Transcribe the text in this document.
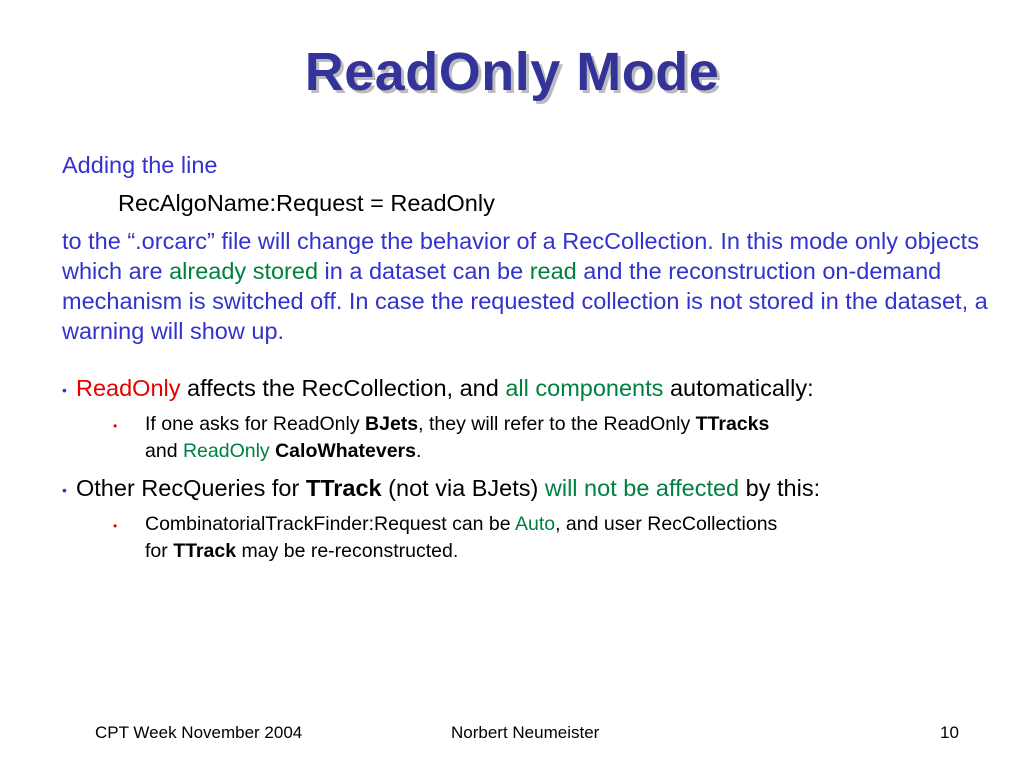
ReadOnly Mode
Adding the line
RecAlgoName:Request = ReadOnly
to the “.orcarc” file will change the behavior of a RecCollection. In this mode only objects which are already stored in a dataset can be read and the reconstruction on-demand mechanism is switched off. In case the requested collection is not stored in the dataset, a warning will show up.
• ReadOnly affects the RecCollection, and all components automatically:
• If one asks for ReadOnly BJets, they will refer to the ReadOnly TTracks
and ReadOnly CaloWhatevers.
• Other RecQueries for TTrack (not via BJets) will not be affected by this:
• CombinatorialTrackFinder:Request can be Auto, and user RecCollections
for TTrack may be re-reconstructed.
CPT Week November 2004	Norbert Neumeister	10
